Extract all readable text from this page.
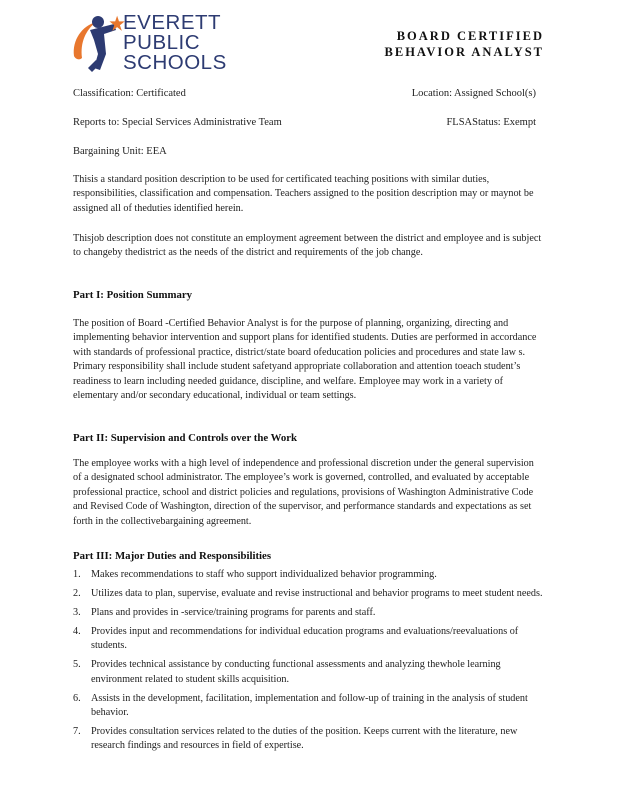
EVERETT
PUBLIC
SCHOOLS
BOARD CERTIFIED
BEHAVIOR ANALYST
Classification: Certificated	Location: Assigned School(s)
Reports to: Special Services Administrative Team	FLSAStatus: Exempt
Bargaining Unit: EEA
Thisis a standard position description to be used for certificated teaching positions with similar duties, responsibilities, classification and compensation. Teachers assigned to the position description may or maynot be assigned all of theduties identified herein.
Thisjob description does not constitute an employment agreement between the district and employee and is subject to changeby thedistrict as the needs of the district and requirements of the job change.
Part I: Position Summary
The position of Board -Certified Behavior Analyst is for the purpose of planning, organizing, directing and implementing behavior intervention and support plans for identified students. Duties are performed in accordance with standards of professional practice, district/state board ofeducation policies and procedures and state law s. Primary responsibility shall include student safetyand appropriate collaboration and attention toeach student’s readiness to learn including needed guidance, discipline, and welfare. Employee may work in a variety of elementary and/or secondary educational, individual or team settings.
Part II: Supervision and Controls over the Work
The employee works with a high level of independence and professional discretion under the general supervision of a designated school administrator. The employee’s work is governed, controlled, and evaluated by acceptable professional practice, school and district policies and regulations, provisions of Washington Administrative Code and Revised Code of Washington, direction of the supervisor, and performance standards and expectations as set forth in the collectivebargaining agreement.
Part III: Major Duties and Responsibilities
1. Makes recommendations to staff who support individualized behavior programming.
2. Utilizes data to plan, supervise, evaluate and revise instructional and behavior programs to meet student needs.
3. Plans and provides in -service/training programs for parents and staff.
4. Provides input and recommendations for individual education programs and evaluations/reevaluations of students.
5. Provides technical assistance by conducting functional assessments and analyzing thewhole learning environment related to student skills acquisition.
6. Assists in the development, facilitation, implementation and follow-up of training in the analysis of student behavior.
7. Provides consultation services related to the duties of the position. Keeps current with the literature, new research findings and resources in field of expertise.
